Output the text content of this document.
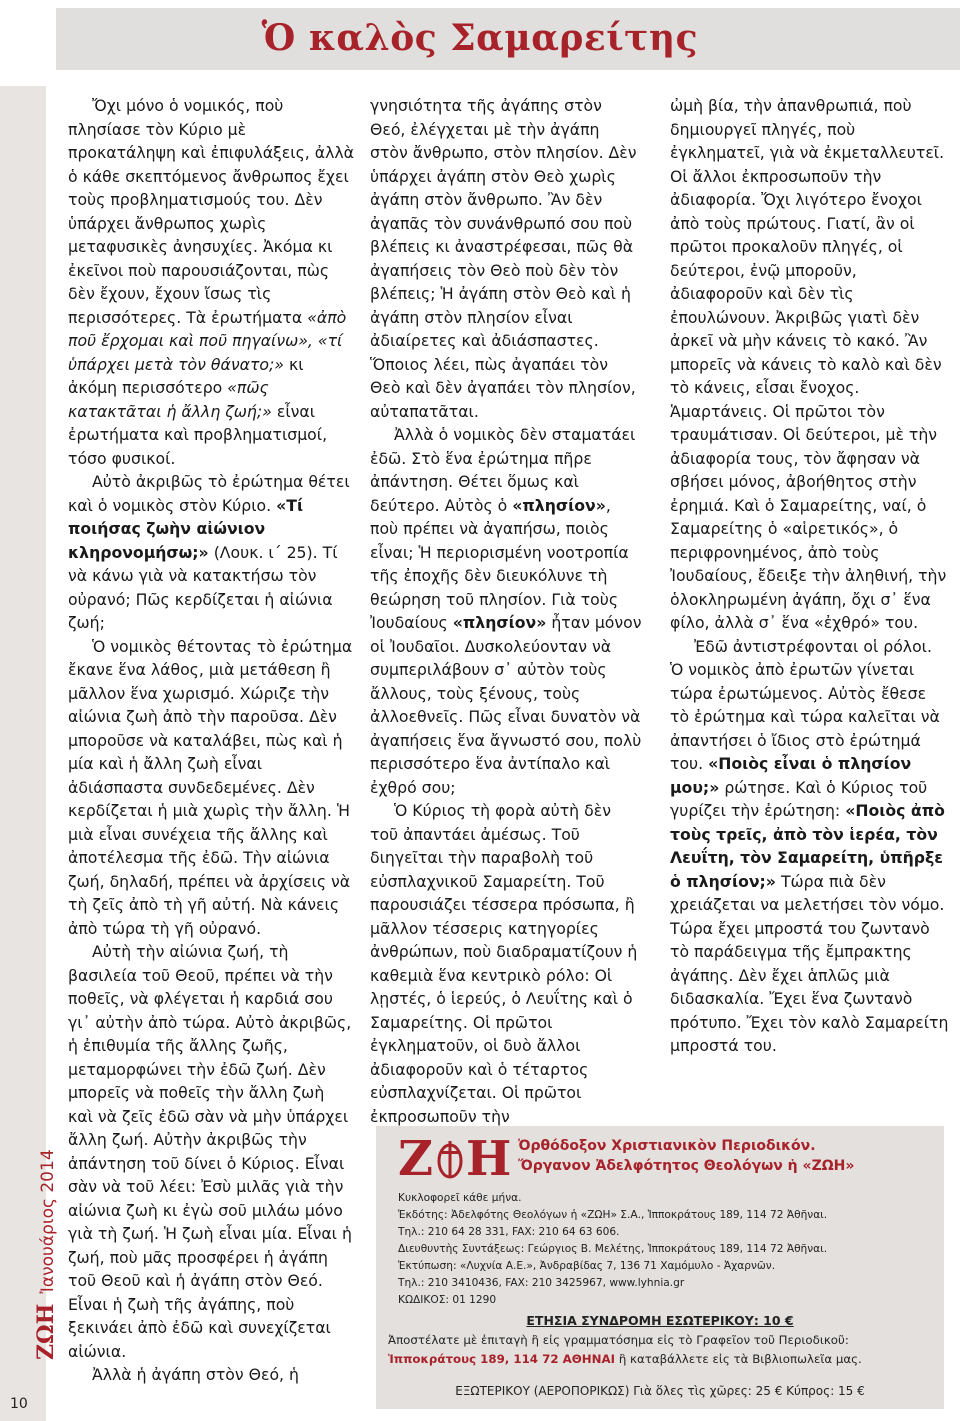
Ὁ καλὸς Σαμαρείτης
ΖΩΗἸανουάριος 2014
10

Ὄχι μόνο ὁ νομικός, ποὺ πλησίασε τὸν Κύριο μὲ προκατάληψη καὶ ἐπιφυλάξεις, ἀλλὰ ὁ κάθε σκεπτόμενος ἄνθρωπος ἔχει τοὺς προβληματισμούς του. Δὲν ὑπάρχει ἄνθρωπος χωρὶς μεταφυσικὲς ἀνησυχίες. Ἀκόμα κι ἐκεῖνοι ποὺ παρουσιάζονται, πὼς δὲν ἔχουν, ἔχουν ἴσως τὶς περισσότερες. Τὰ ἐρωτήματα «ἀπὸ ποῦ ἔρχομαι καὶ ποῦ πηγαίνω», «τί ὑπάρχει μετὰ τὸν θάνατο;» κι ἀκόμη περισσότερο «πῶς κατακτᾶται ἡ ἄλλη ζωή;» εἶναι ἐρωτήματα καὶ προβληματισμοί, τόσο φυσικοί.

Αὐτὸ ἀκριβῶς τὸ ἐρώτημα θέτει καὶ ὁ νομικὸς στὸν Κύριο. «Τί ποιήσας ζωὴν αἰώνιον κληρονομήσω;» (Λουκ. ι΄ 25). Τί νὰ κάνω γιὰ νὰ κατακτήσω τὸν οὐρανό; Πῶς κερδίζεται ἡ αἰώνια ζωή;

Ὁ νομικὸς θέτοντας τὸ ἐρώτημα ἔκανε ἕνα λάθος, μιὰ μετάθεση ἢ μᾶλλον ἕνα χωρισμό. Χώριζε τὴν αἰώνια ζωὴ ἀπὸ τὴν παροῦσα. Δὲν μποροῦσε νὰ καταλάβει, πὼς καὶ ἡ μία καὶ ἡ ἄλλη ζωὴ εἶναι ἀδιάσπαστα συνδεδεμένες. Δὲν κερδίζεται ἡ μιὰ χωρὶς τὴν ἄλλη. Ἡ μιὰ εἶναι συνέχεια τῆς ἄλλης καὶ ἀποτέλεσμα τῆς ἐδῶ. Τὴν αἰώνια ζωή, δηλαδή, πρέπει νὰ ἀρχίσεις νὰ τὴ ζεῖς ἀπὸ τὴ γῆ αὐτή. Νὰ κάνεις ἀπὸ τώρα τὴ γῆ οὐρανό.

Αὐτὴ τὴν αἰώνια ζωή, τὴ βασιλεία τοῦ Θεοῦ, πρέπει νὰ τὴν ποθεῖς, νὰ φλέγεται ἡ καρδιά σου γι᾽ αὐτὴν ἀπὸ τώρα. Αὐτὸ ἀκριβῶς, ἡ ἐπιθυμία τῆς ἄλλης ζωῆς, μεταμορφώνει τὴν ἐδῶ ζωή. Δὲν μπορεῖς νὰ ποθεῖς τὴν ἄλλη ζωὴ καὶ νὰ ζεῖς ἐδῶ σὰν νὰ μὴν ὑπάρχει ἄλλη ζωή. Αὐτὴν ἀκριβῶς τὴν ἀπάντηση τοῦ δίνει ὁ Κύριος. Εἶναι σὰν νὰ τοῦ λέει: Ἐσὺ μιλᾶς γιὰ τὴν αἰώνια ζωὴ κι ἐγὼ σοῦ μιλάω μόνο γιὰ τὴ ζωή. Ἡ ζωὴ εἶναι μία. Εἶναι ἡ ζωή, ποὺ μᾶς προσφέρει ἡ ἀγάπη τοῦ Θεοῦ καὶ ἡ ἀγάπη στὸν Θεό. Εἶναι ἡ ζωὴ τῆς ἀγάπης, ποὺ ξεκινάει ἀπὸ ἐδῶ καὶ συνεχίζεται αἰώνια.

Ἀλλὰ ἡ ἀγάπη στὸν Θεό, ἡ

γνησιότητα τῆς ἀγάπης στὸν Θεό, ἐλέγχεται μὲ τὴν ἀγάπη στὸν ἄνθρωπο, στὸν πλησίον. Δὲν ὑπάρχει ἀγάπη στὸν Θεὸ χωρὶς ἀγάπη στὸν ἄνθρωπο. Ἂν δὲν ἀγαπᾶς τὸν συνάνθρωπό σου ποὺ βλέπεις κι ἀναστρέφεσαι, πῶς θὰ ἀγαπήσεις τὸν Θεὸ ποὺ δὲν τὸν βλέπεις; Ἡ ἀγάπη στὸν Θεὸ καὶ ἡ ἀγάπη στὸν πλησίον εἶναι ἀδιαίρετες καὶ ἀδιάσπαστες. Ὅποιος λέει, πὼς ἀγαπάει τὸν Θεὸ καὶ δὲν ἀγαπάει τὸν πλησίον, αὐταπατᾶται.

Ἀλλὰ ὁ νομικὸς δὲν σταματάει ἐδῶ. Στὸ ἕνα ἐρώτημα πῆρε ἀπάντηση. Θέτει ὅμως καὶ δεύτερο. Αὐτὸς ὁ «πλησίον», ποὺ πρέπει νὰ ἀγαπήσω, ποιὸς εἶναι; Ἡ περιορισμένη νοοτροπία τῆς ἐποχῆς δὲν διευκόλυνε τὴ θεώρηση τοῦ πλησίον. Γιὰ τοὺς Ἰουδαίους «πλησίον» ἦταν μόνον οἱ Ἰουδαῖοι. Δυσκολεύονταν νὰ συμπεριλάβουν σ᾽ αὐτὸν τοὺς ἄλλους, τοὺς ξένους, τοὺς ἀλλοεθνεῖς. Πῶς εἶναι δυνατὸν νὰ ἀγαπήσεις ἕνα ἄγνωστό σου, πολὺ περισσότερο ἕνα ἀντίπαλο καὶ ἐχθρό σου;

Ὁ Κύριος τὴ φορὰ αὐτὴ δὲν τοῦ ἀπαντάει ἀμέσως. Τοῦ διηγεῖται τὴν παραβολὴ τοῦ εὐσπλαχνικοῦ Σαμαρείτη. Τοῦ παρουσιάζει τέσσερα πρόσωπα, ἢ μᾶλλον τέσσερις κατηγορίες ἀνθρώπων, ποὺ διαδραματίζουν ἡ καθεμιὰ ἕνα κεντρικὸ ρόλο: Οἱ λῃστές, ὁ ἱερεύς, ὁ Λευΐτης καὶ ὁ Σαμαρείτης. Οἱ πρῶτοι ἐγκληματοῦν, οἱ δυὸ ἄλλοι ἀδιαφοροῦν καὶ ὁ τέταρτος εὐσπλαχνίζεται. Οἱ πρῶτοι ἐκπροσωποῦν τὴν

ὠμὴ βία, τὴν ἀπανθρωπιά, ποὺ δημιουργεῖ πληγές, ποὺ ἐγκληματεῖ, γιὰ νὰ ἐκμεταλλευτεῖ. Οἱ ἄλλοι ἐκπροσωποῦν τὴν ἀδιαφορία. Ὄχι λιγότερο ἔνοχοι ἀπὸ τοὺς πρώτους. Γιατί, ἂν οἱ πρῶτοι προκαλοῦν πληγές, οἱ δεύτεροι, ἐνῷ μποροῦν, ἀδιαφοροῦν καὶ δὲν τὶς ἐπουλώνουν. Ἀκριβῶς γιατὶ δὲν ἀρκεῖ νὰ μὴν κάνεις τὸ κακό. Ἂν μπορεῖς νὰ κάνεις τὸ καλὸ καὶ δὲν τὸ κάνεις, εἶσαι ἔνοχος. Ἁμαρτάνεις. Οἱ πρῶτοι τὸν τραυμάτισαν. Οἱ δεύτεροι, μὲ τὴν ἀδιαφορία τους, τὸν ἄφησαν νὰ σβήσει μόνος, ἀβοήθητος στὴν ἐρημιά. Καὶ ὁ Σαμαρείτης, ναί, ὁ Σαμαρείτης ὁ «αἱρετικός», ὁ περιφρονημένος, ἀπὸ τοὺς Ἰουδαίους, ἔδειξε τὴν ἀληθινή, τὴν ὁλοκληρωμένη ἀγάπη, ὄχι σ᾽ ἕνα φίλο, ἀλλὰ σ᾽ ἕνα «ἐχθρό» του.

Ἐδῶ ἀντιστρέφονται οἱ ρόλοι. Ὁ νομικὸς ἀπὸ ἐρωτῶν γίνεται τώρα ἐρωτώμενος. Αὐτὸς ἔθεσε τὸ ἐρώτημα καὶ τώρα καλεῖται νὰ ἀπαντήσει ὁ ἴδιος στὸ ἐρώτημά του. «Ποιὸς εἶναι ὁ πλησίον μου;» ρώτησε. Καὶ ὁ Κύριος τοῦ γυρίζει τὴν ἐρώτηση: «Ποιὸς ἀπὸ τοὺς τρεῖς, ἀπὸ τὸν ἱερέα, τὸν Λευΐτη, τὸν Σαμαρείτη, ὑπῆρξε ὁ πλησίον;» Τώρα πιὰ δὲν χρειάζεται να μελετήσει τὸν νόμο. Τώρα ἔχει μπροστά του ζωντανὸ τὸ παράδειγμα τῆς ἔμπρακτης ἀγάπης. Δὲν ἔχει ἁπλῶς μιὰ διδασκαλία. Ἔχει ἕνα ζωντανὸ πρότυπο. Ἔχει τὸν καλὸ Σαμαρείτη μπροστά του.

Ζ Η Ὀρθόδοξον Χριστιανικὸν Περιοδικόν.
Ὄργανον Ἀδελφότητος Θεολόγων ἡ «ΖΩΗ»
Κυκλοφορεῖ κάθε μήνα.
Ἐκδότης: Ἀδελφότης Θεολόγων ἡ «ΖΩΗ» Σ.Α., Ἱπποκράτους 189, 114 72 Ἀθῆναι.
Τηλ.: 210 64 28 331, FAX: 210 64 63 606.
Διευθυντὴς Συντάξεως: Γεώργιος Β. Μελέτης, Ἱπποκράτους 189, 114 72 Ἀθῆναι.
Ἐκτύπωση: «Λυχνία Α.Ε.», Ἀνδραβίδας 7, 136 71 Χαμόμυλο - Ἀχαρνῶν.
Τηλ.: 210 3410436, FAX: 210 3425967, www.lyhnia.gr
ΚΩΔΙΚΟΣ: 01 1290
ΕΤΗΣΙΑ ΣΥΝΔΡΟΜΗ ΕΣΩΤΕΡΙΚΟΥ: 10 €
Ἀποστέλατε μὲ ἐπιταγὴ ἢ εἰς γραμματόσημα εἰς τὸ Γραφεῖον τοῦ Περιοδικοῦ:
Ἱπποκράτους 189, 114 72 ΑΘΗΝΑΙ ἢ καταβάλλετε εἰς τὰ Βιβλιοπωλεῖα μας.
ΕΞΩΤΕΡΙΚΟΥ (ΑΕΡΟΠΟΡΙΚΩΣ) Γιὰ ὅλες τὶς χῶρες: 25 € Κύπρος: 15 €
